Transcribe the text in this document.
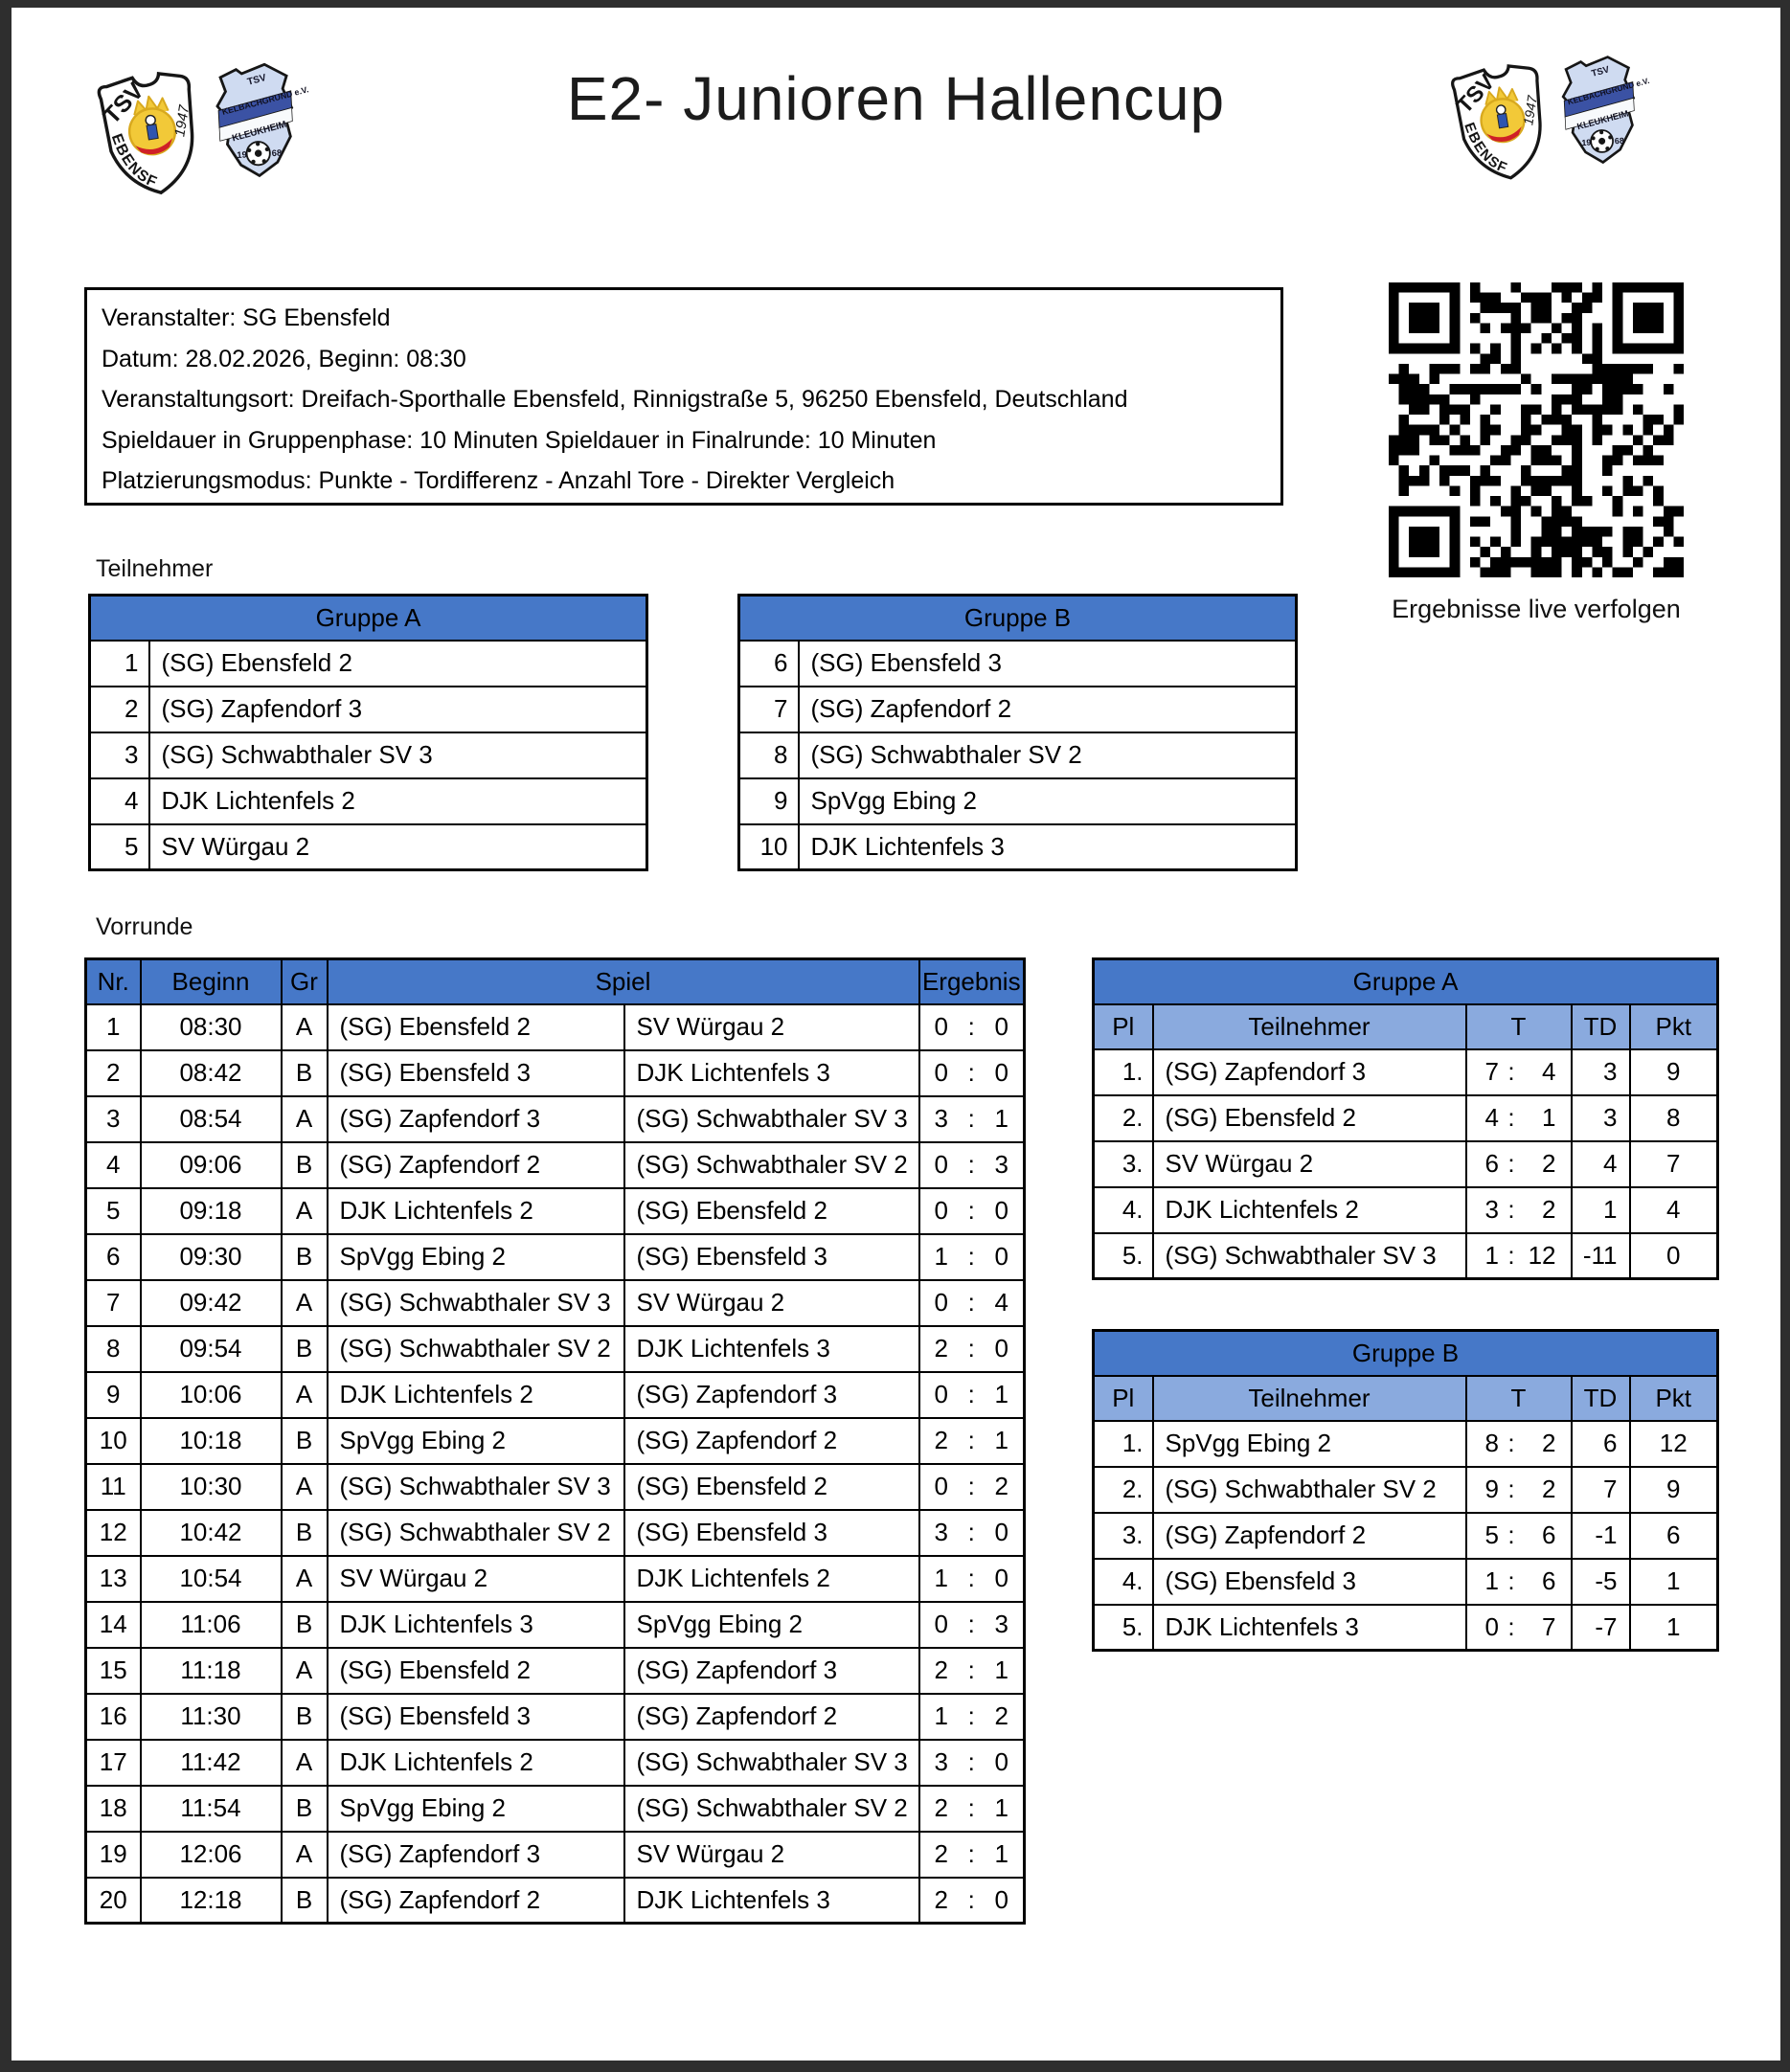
E2- Junioren Hallencup
Veranstalter: SG Ebensfeld
Datum: 28.02.2026, Beginn: 08:30
Veranstaltungsort: Dreifach-Sporthalle Ebensfeld, Rinnigstraße 5, 96250 Ebensfeld, Deutschland
Spieldauer in Gruppenphase: 10 Minuten Spieldauer in Finalrunde: 10 Minuten
Platzierungsmodus: Punkte - Tordifferenz - Anzahl Tore - Direkter Vergleich
Ergebnisse live verfolgen
Teilnehmer
Gruppe A	
1	(SG) Ebensfeld 2
2	(SG) Zapfendorf 3
3	(SG) Schwabthaler SV 3
4	DJK Lichtenfels 2
5	SV Würgau 2
Gruppe B	
6	(SG) Ebensfeld 3
7	(SG) Zapfendorf 2
8	(SG) Schwabthaler SV 2
9	SpVgg Ebing 2
10	DJK Lichtenfels 3
Vorrunde
Nr.	Beginn	Gr	Spiel		Ergebnis
1	08:30	A	(SG) Ebensfeld 2	SV Würgau 2	0 : 0

2	08:42	B	(SG) Ebensfeld 3	DJK Lichtenfels 3	0 : 0

3	08:54	A	(SG) Zapfendorf 3	(SG) Schwabthaler SV 3	3 : 1

4	09:06	B	(SG) Zapfendorf 2	(SG) Schwabthaler SV 2	0 : 3

5	09:18	A	DJK Lichtenfels 2	(SG) Ebensfeld 2	0 : 0

6	09:30	B	SpVgg Ebing 2	(SG) Ebensfeld 3	1 : 0

7	09:42	A	(SG) Schwabthaler SV 3	SV Würgau 2	0 : 4

8	09:54	B	(SG) Schwabthaler SV 2	DJK Lichtenfels 3	2 : 0

9	10:06	A	DJK Lichtenfels 2	(SG) Zapfendorf 3	0 : 1

10	10:18	B	SpVgg Ebing 2	(SG) Zapfendorf 2	2 : 1

11	10:30	A	(SG) Schwabthaler SV 3	(SG) Ebensfeld 2	0 : 2

12	10:42	B	(SG) Schwabthaler SV 2	(SG) Ebensfeld 3	3 : 0

13	10:54	A	SV Würgau 2	DJK Lichtenfels 2	1 : 0

14	11:06	B	DJK Lichtenfels 3	SpVgg Ebing 2	0 : 3

15	11:18	A	(SG) Ebensfeld 2	(SG) Zapfendorf 3	2 : 1

16	11:30	B	(SG) Ebensfeld 3	(SG) Zapfendorf 2	1 : 2

17	11:42	A	DJK Lichtenfels 2	(SG) Schwabthaler SV 3	3 : 0

18	11:54	B	SpVgg Ebing 2	(SG) Schwabthaler SV 2	2 : 1

19	12:06	A	(SG) Zapfendorf 3	SV Würgau 2	2 : 1

20	12:18	B	(SG) Zapfendorf 2	DJK Lichtenfels 3	2 : 0
Gruppe A				
Pl	Teilnehmer	T	TD	Pkt
1.	(SG) Zapfendorf 3	7 : 4	3	9
2.	(SG) Ebensfeld 2	4 : 1	3	8
3.	SV Würgau 2	6 : 2	4	7
4.	DJK Lichtenfels 2	3 : 2	1	4
5.	(SG) Schwabthaler SV 3	1 : 12	-11	0
Gruppe B				
Pl	Teilnehmer	T	TD	Pkt
1.	SpVgg Ebing 2	8 : 2	6	12
2.	(SG) Schwabthaler SV 2	9 : 2	7	9
3.	(SG) Zapfendorf 2	5 : 6	-1	6
4.	(SG) Ebensfeld 3	1 : 6	-5	1
5.	DJK Lichtenfels 3	0 : 7	-7	1
